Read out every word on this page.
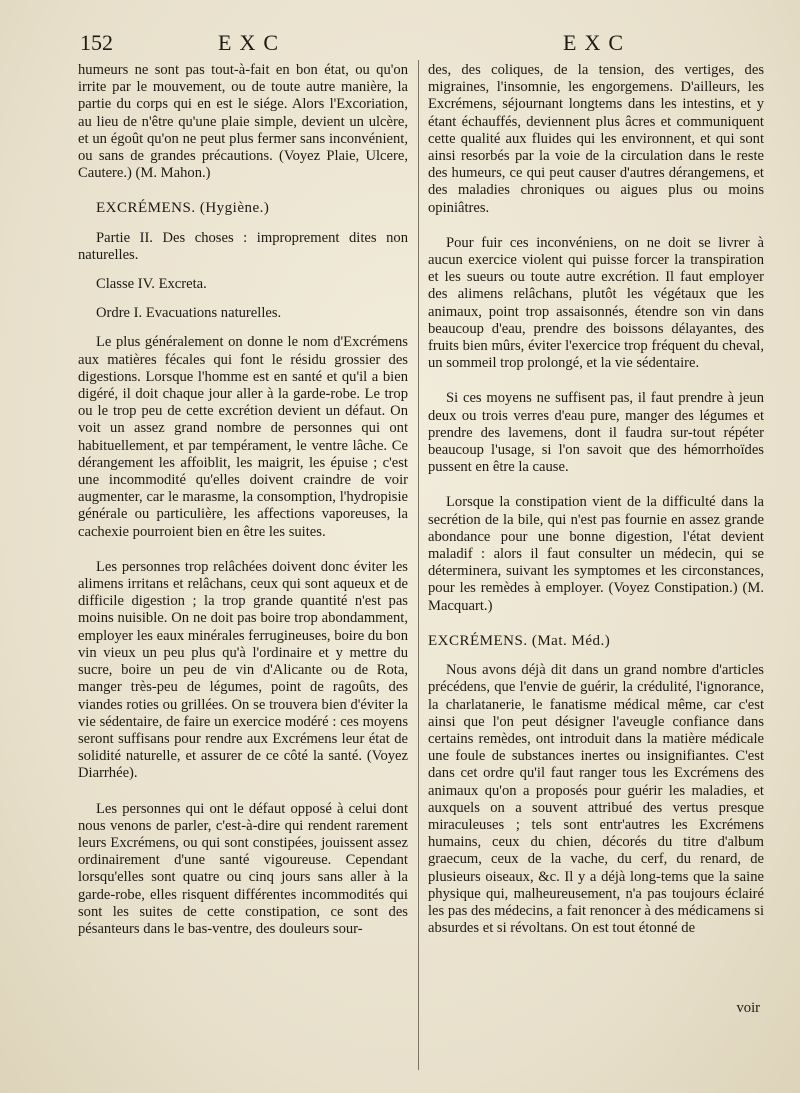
152	EXC	EXC

humeurs ne sont pas tout-à-fait en bon état, ou qu'on irrite par le mouvement, ou de toute autre manière, la partie du corps qui en est le siége. Alors l'Excoriation, au lieu de n'être qu'une plaie simple, devient un ulcère, et un égoût qu'on ne peut plus fermer sans inconvénient, ou sans de grandes précautions. (Voyez Plaie, Ulcere, Cautere.) (M. Mahon.)

EXCRÉMENS. (Hygiène.)

Partie II. Des choses : improprement dites non naturelles.

Classe IV. Excreta.

Ordre I. Evacuations naturelles.

Le plus généralement on donne le nom d'Excrémens aux matières fécales qui font le résidu grossier des digestions. Lorsque l'homme est en santé et qu'il a bien digéré, il doit chaque jour aller à la garde-robe. Le trop ou le trop peu de cette excrétion devient un défaut. On voit un assez grand nombre de personnes qui ont habituellement, et par tempérament, le ventre lâche. Ce dérangement les affoiblit, les maigrit, les épuise ; c'est une incommodité qu'elles doivent craindre de voir augmenter, car le marasme, la consomption, l'hydropisie générale ou particulière, les affections vaporeuses, la cachexie pourroient bien en être les suites.

Les personnes trop relâchées doivent donc éviter les alimens irritans et relâchans, ceux qui sont aqueux et de difficile digestion ; la trop grande quantité n'est pas moins nuisible. On ne doit pas boire trop abondamment, employer les eaux minérales ferrugineuses, boire du bon vin vieux un peu plus qu'à l'ordinaire et y mettre du sucre, boire un peu de vin d'Alicante ou de Rota, manger très-peu de légumes, point de ragoûts, des viandes roties ou grillées. On se trouvera bien d'éviter la vie sédentaire, de faire un exercice modéré : ces moyens seront suffisans pour rendre aux Excrémens leur état de solidité naturelle, et assurer de ce côté la santé. (Voyez Diarrhée).

Les personnes qui ont le défaut opposé à celui dont nous venons de parler, c'est-à-dire qui rendent rarement leurs Excrémens, ou qui sont constipées, jouissent assez ordinairement d'une santé vigoureuse. Cependant lorsqu'elles sont quatre ou cinq jours sans aller à la garde-robe, elles risquent différentes incommodités qui sont les suites de cette constipation, ce sont des pésanteurs dans le bas-ventre, des douleurs sour-

des, des coliques, de la tension, des vertiges, des migraines, l'insomnie, les engorgemens. D'ailleurs, les Excrémens, séjournant longtems dans les intestins, et y étant échauffés, deviennent plus âcres et communiquent cette qualité aux fluides qui les environnent, et qui sont ainsi resorbés par la voie de la circulation dans le reste des humeurs, ce qui peut causer d'autres dérangemens, et des maladies chroniques ou aigues plus ou moins opiniâtres.

Pour fuir ces inconvéniens, on ne doit se livrer à aucun exercice violent qui puisse forcer la transpiration et les sueurs ou toute autre excrétion. Il faut employer des alimens relâchans, plutôt les végétaux que les animaux, point trop assaisonnés, étendre son vin dans beaucoup d'eau, prendre des boissons délayantes, des fruits bien mûrs, éviter l'exercice trop fréquent du cheval, un sommeil trop prolongé, et la vie sédentaire.

Si ces moyens ne suffisent pas, il faut prendre à jeun deux ou trois verres d'eau pure, manger des légumes et prendre des lavemens, dont il faudra sur-tout répéter beaucoup l'usage, si l'on savoit que des hémorrhoïdes pussent en être la cause.

Lorsque la constipation vient de la difficulté dans la secrétion de la bile, qui n'est pas fournie en assez grande abondance pour une bonne digestion, l'état devient maladif : alors il faut consulter un médecin, qui se déterminera, suivant les symptomes et les circonstances, pour les remèdes à employer. (Voyez Constipation.) (M. Macquart.)

EXCRÉMENS. (Mat. Méd.)

Nous avons déjà dit dans un grand nombre d'articles précédens, que l'envie de guérir, la crédulité, l'ignorance, la charlatanerie, le fanatisme médical même, car c'est ainsi que l'on peut désigner l'aveugle confiance dans certains remèdes, ont introduit dans la matière médicale une foule de substances inertes ou insignifiantes. C'est dans cet ordre qu'il faut ranger tous les Excrémens des animaux qu'on a proposés pour guérir les maladies, et auxquels on a souvent attribué des vertus presque miraculeuses ; tels sont entr'autres les Excrémens humains, ceux du chien, décorés du titre d'album graecum, ceux de la vache, du cerf, du renard, de plusieurs oiseaux, &c. Il y a déjà long-tems que la saine physique qui, malheureusement, n'a pas toujours éclairé les pas des médecins, a fait renoncer à des médicamens si absurdes et si révoltans. On est tout étonné de

voir
